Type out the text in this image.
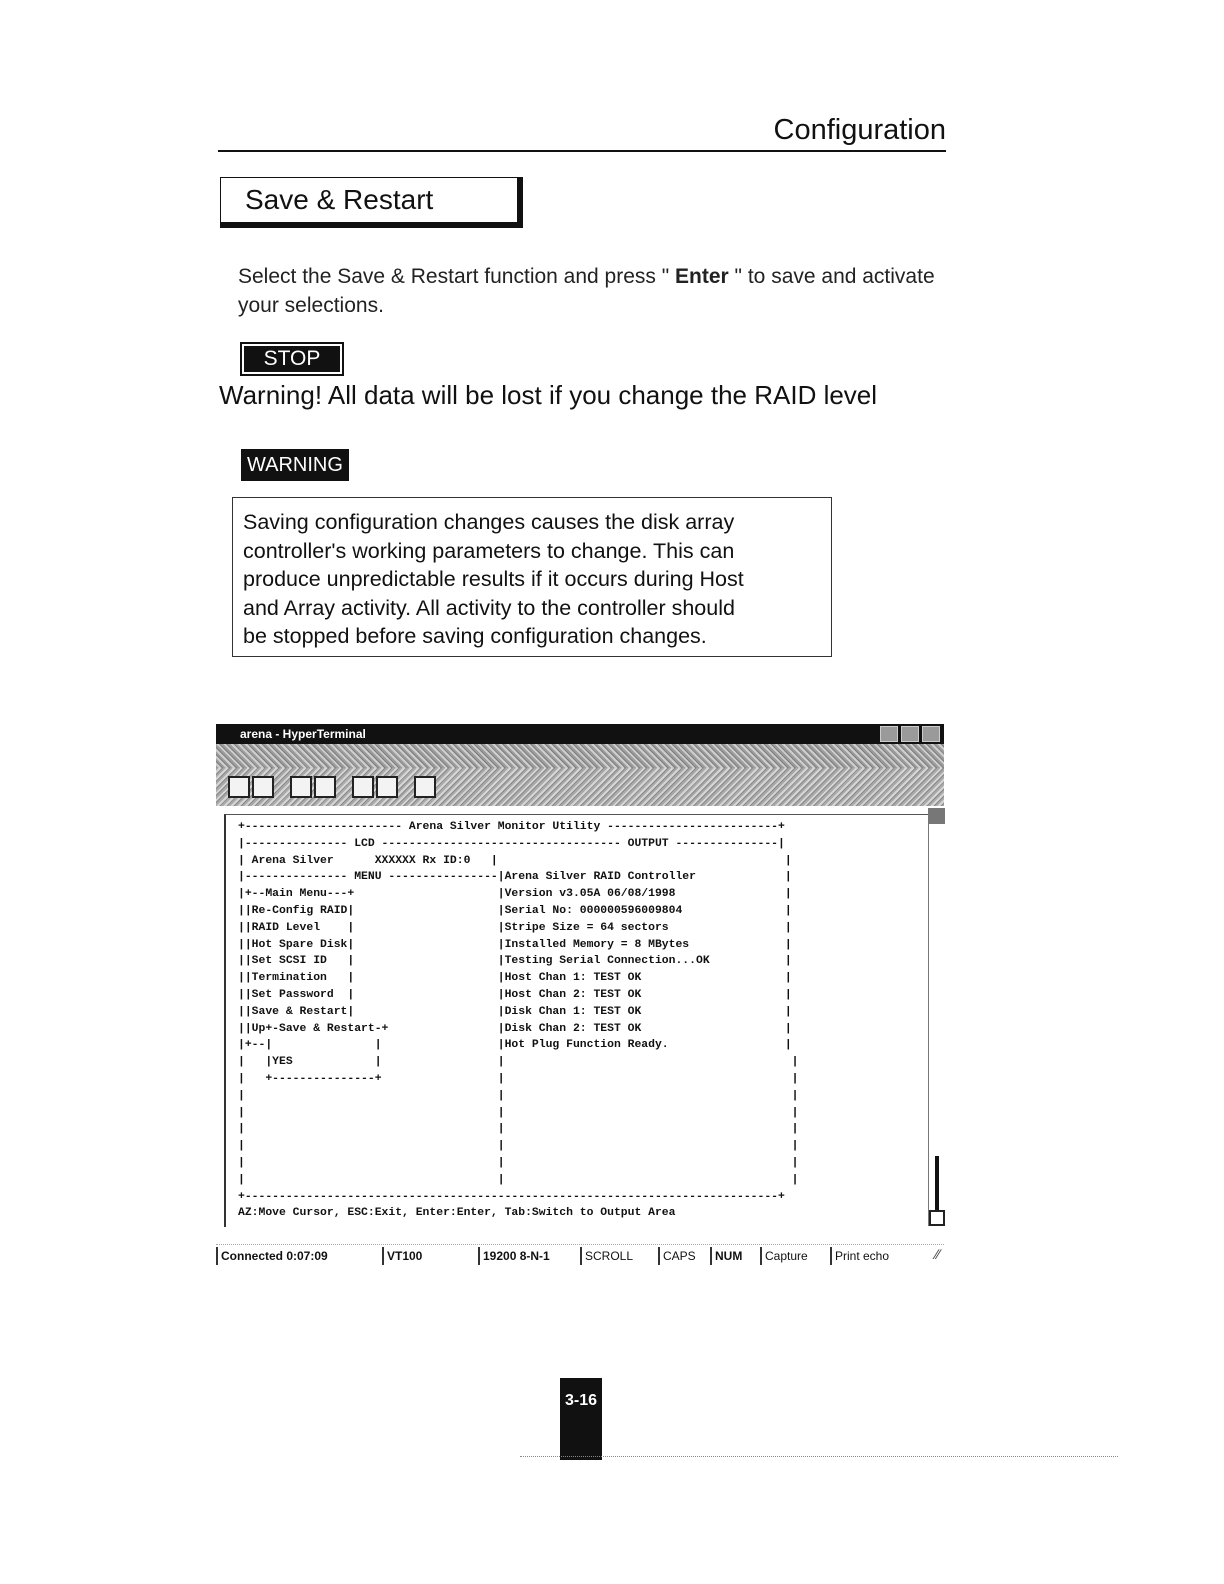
Configuration
Save & Restart
Select the Save & Restart function and press " Enter " to save and activate your selections.
STOP
Warning! All data will be lost if you change the RAID level
WARNING

Saving configuration changes causes the disk array

controller's working parameters to change. This can

produce unpredictable results if it occurs during Host

and Array activity. All activity to the controller should

be stopped before saving configuration changes.

arena - HyperTerminal
+----------------------- Arena Silver Monitor Utility -------------------------+
|--------------- LCD ----------------------------------- OUTPUT ---------------|
| Arena Silver      XXXXXX Rx ID:0   |                                          |
|--------------- MENU ----------------|Arena Silver RAID Controller             |
|+--Main Menu---+                     |Version v3.05A 06/08/1998                |
||Re-Config RAID|                     |Serial No: 000000596009804               |
||RAID Level    |                     |Stripe Size = 64 sectors                 |
||Hot Spare Disk|                     |Installed Memory = 8 MBytes              |
||Set SCSI ID   |                     |Testing Serial Connection...OK           |
||Termination   |                     |Host Chan 1: TEST OK                     |
||Set Password  |                     |Host Chan 2: TEST OK                     |
||Save & Restart|                     |Disk Chan 1: TEST OK                     |
||Up+-Save & Restart-+                |Disk Chan 2: TEST OK                     |
|+--|               |                 |Hot Plug Function Ready.                 |
|   |YES            |                 |                                          |
|   +---------------+                 |                                          |
|                                     |                                          |
|                                     |                                          |
|                                     |                                          |
|                                     |                                          |
|                                     |                                          |
|                                     |                                          |
+------------------------------------------------------------------------------+
AZ:Move Cursor, ESC:Exit, Enter:Enter, Tab:Switch to Output Area
Connected 0:07:09	VT100	19200 8-N-1	SCROLL	CAPS	NUM	Capture	Print echo	∕∕
3-16
